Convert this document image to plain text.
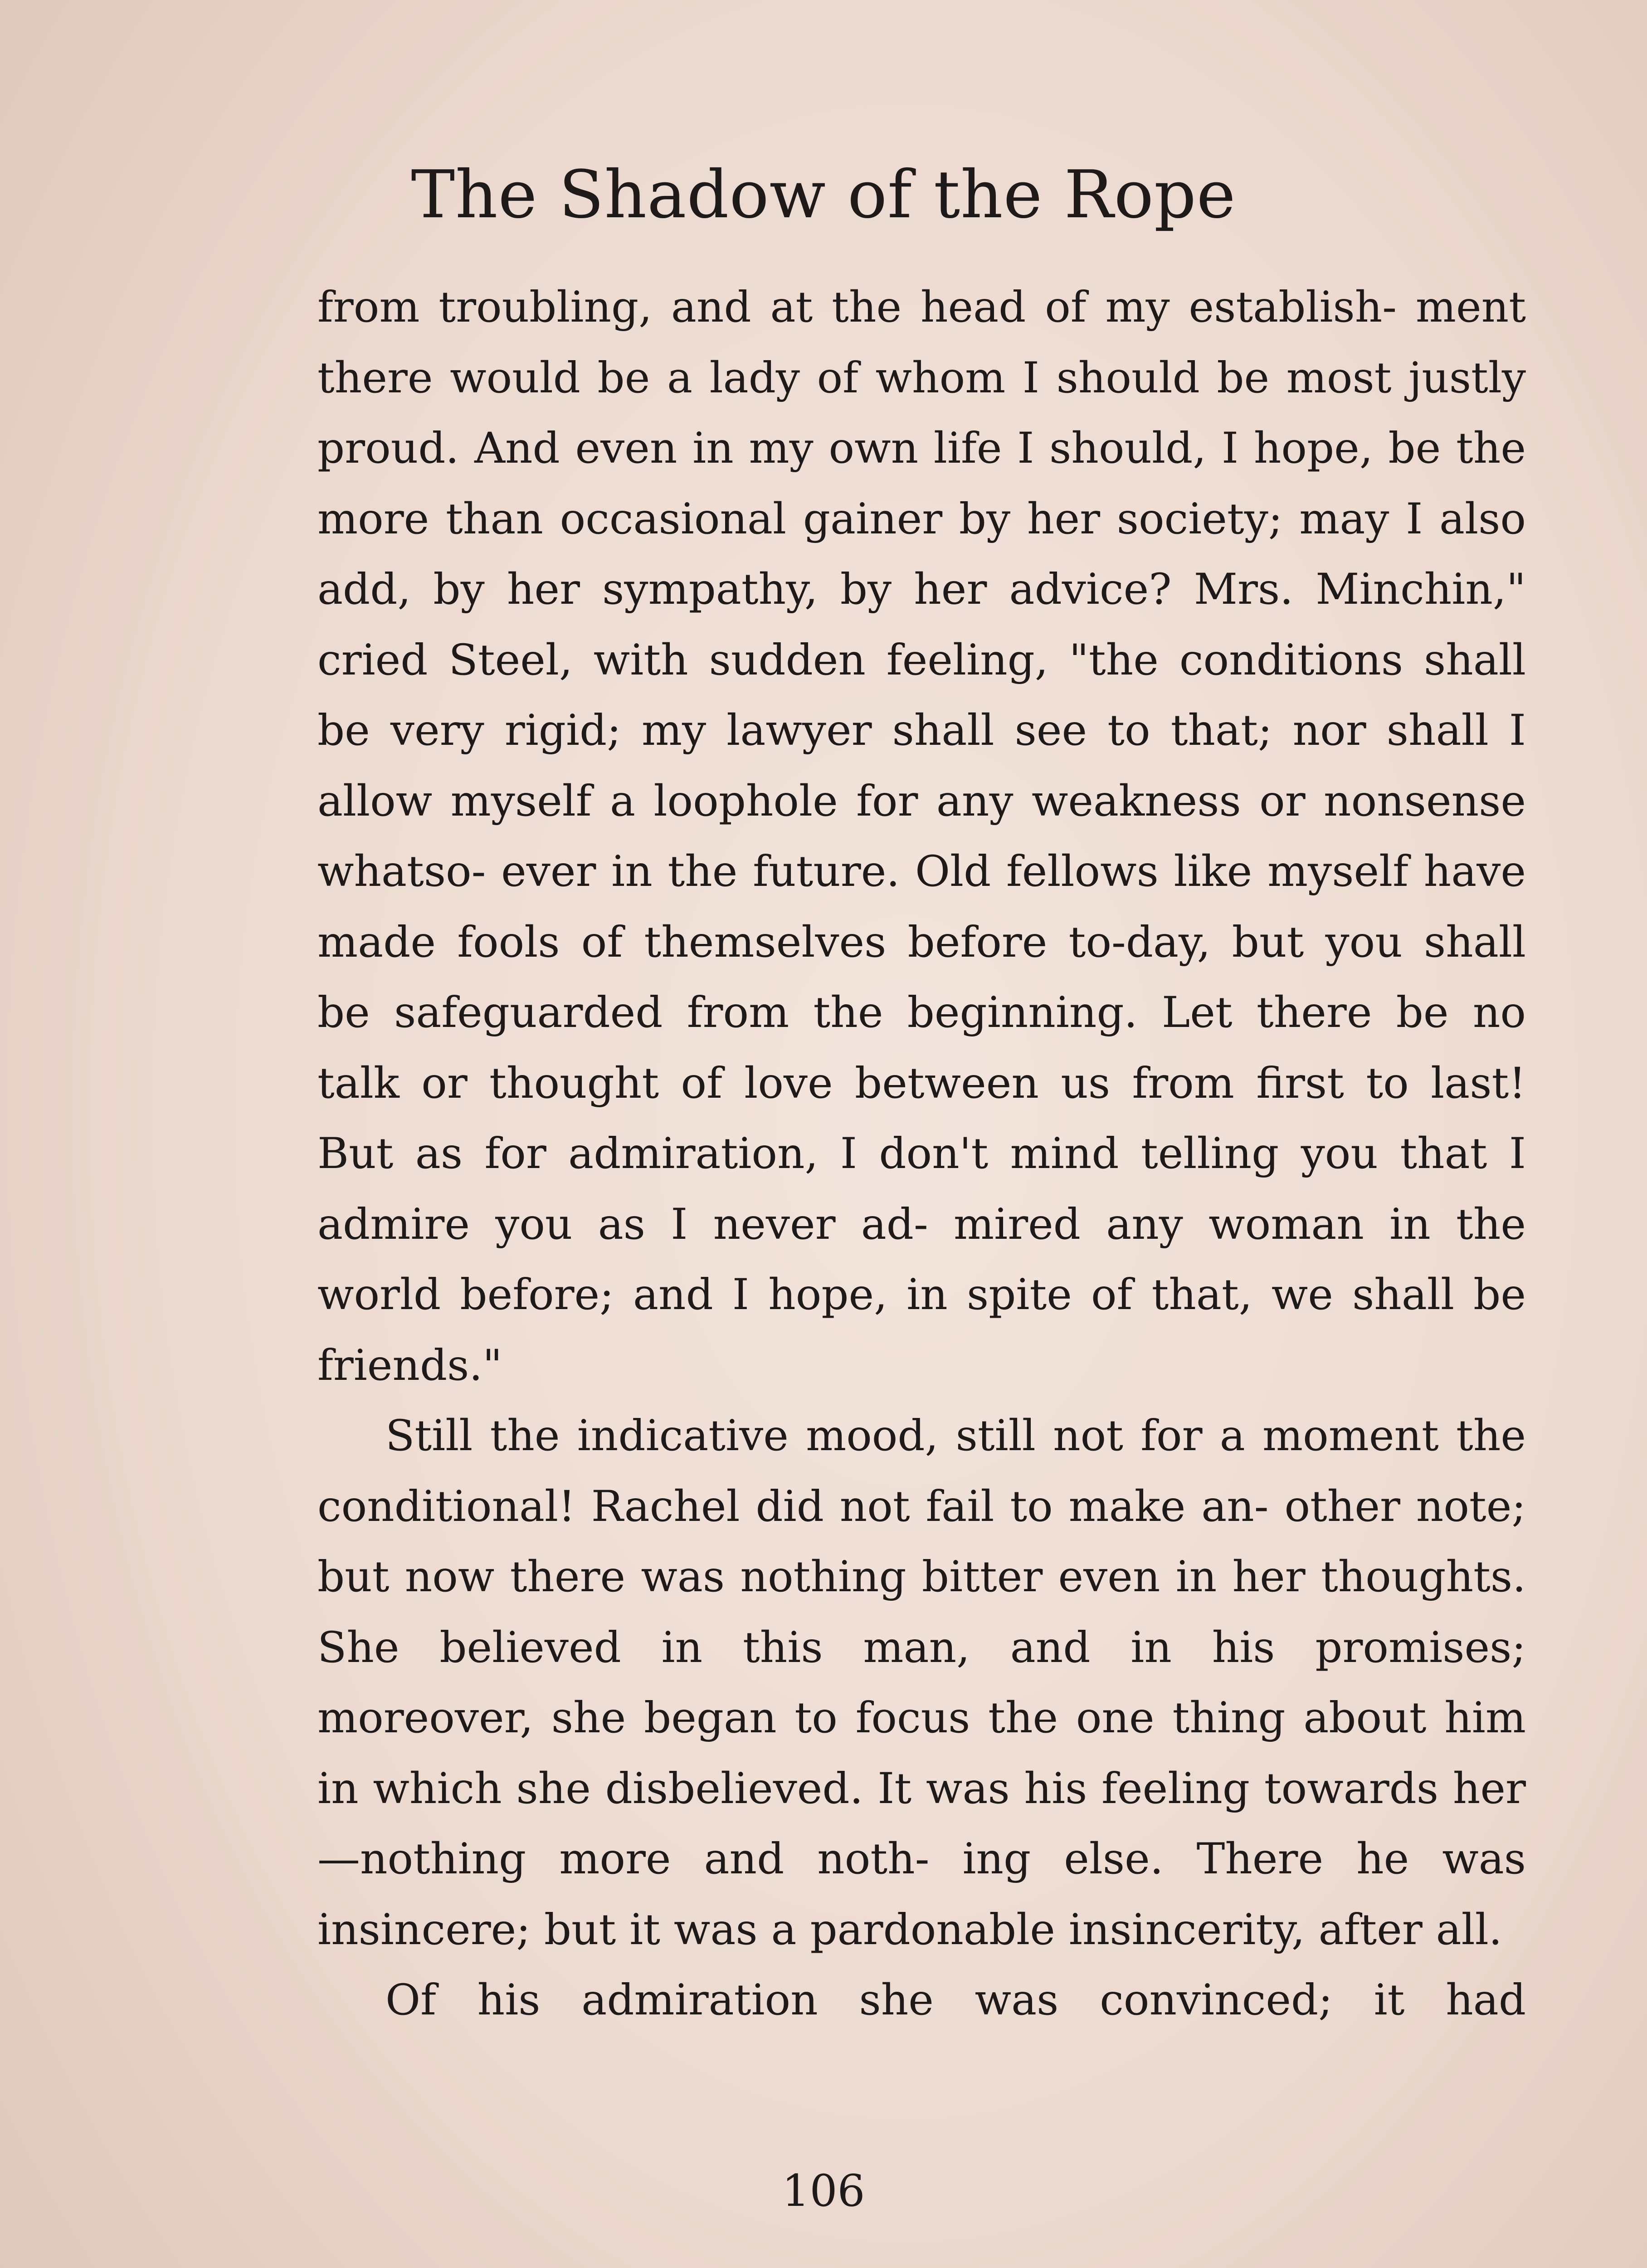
The Shadow of the Rope

from troubling, and at the head of my establish- ment there would be a lady of whom I should be most justly proud. And even in my own life I should, I hope, be the more than occasional gainer by her society; may I also add, by her sympathy, by her advice? Mrs. Minchin," cried Steel, with sudden feeling, "the conditions shall be very rigid; my lawyer shall see to that; nor shall I allow myself a loophole for any weakness or nonsense whatso- ever in the future. Old fellows like myself have made fools of themselves before to-day, but you shall be safeguarded from the beginning. Let there be no talk or thought of love between us from first to last! But as for admiration, I don't mind telling you that I admire you as I never ad- mired any woman in the world before; and I hope, in spite of that, we shall be friends."

Still the indicative mood, still not for a moment the conditional! Rachel did not fail to make an- other note; but now there was nothing bitter even in her thoughts. She believed in this man, and in his promises; moreover, she began to focus the one thing about him in which she disbelieved. It was his feeling towards her—nothing more and noth- ing else. There he was insincere; but it was a pardonable insincerity, after all.

Of his admiration she was convinced; it had

106
